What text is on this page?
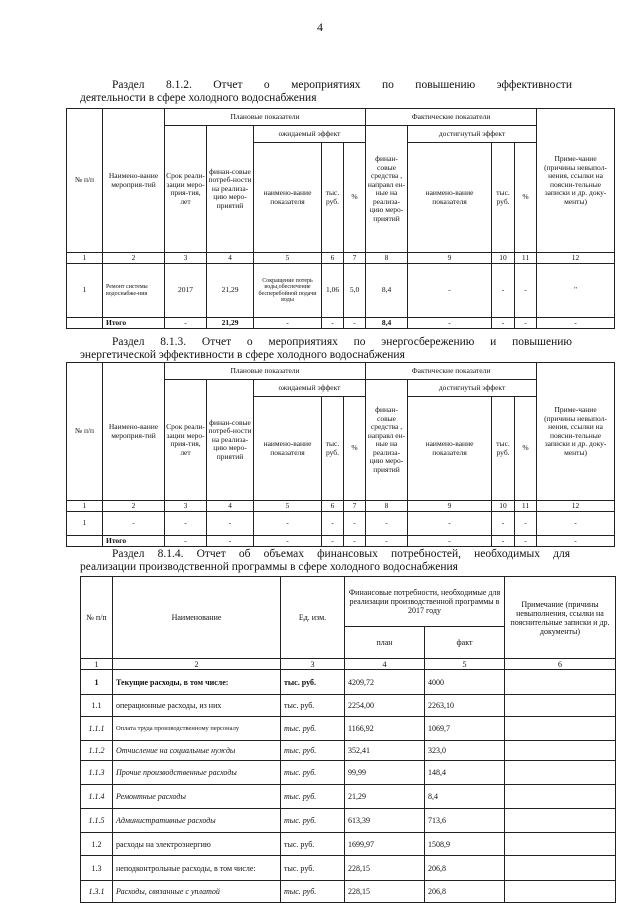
4
Раздел 8.1.2. Отчет о мероприятиях по повышению эффективности
деятельности в сфере холодного водоснабжения
№ п/п	Наимено-вание мероприя-тий	Плановые показатели					Фактические показатели				Приме-чание (причины невыпол-нения, ссылки на поясни-тельные записки и др. доку-менты)
		Срок реали-зации меро-прия-тия, лет	финан-совые потреб-ности на реализа-цию меро-приятий	ожидаемый эффект			финан-совые средства , направл ен-ные на реализа-цию меро-приятий	достигнутый эффект			
				наимено-вание показателя	тыс. руб.	%		наимено-вание показателя	тыс. руб.	%	
1	2	3	4	5	6	7	8	9	10	11	12
1	Ремонт системы водоснабже-ния	2017	21,29	Сокращение потерь воды,обеспечение бесперебойной подачи воды	1,06	5,0	8,4	-	-	-	"
	Итого	-	21,29	-	-	-	8,4	-	-	-	-
Раздел 8.1.3. Отчет о мероприятиях по энергосбережению и повышению
энергетической эффективности в сфере холодного водоснабжения
№ п/п	Наимено-вание мероприя-тий	Плановые показатели					Фактические показатели				Приме-чание (причины невыпол-нения, ссылки на поясни-тельные записки и др. доку-менты)
		Срок реали-зации меро-прия-тия, лет	финан-совые потреб-ности на реализа-цию меро-приятий	ожидаемый эффект			финан-совые средства , направл ен-ные на реализа-цию меро-приятий	достигнутый эффект			
				наимено-вание показателя	тыс. руб.	%		наимено-вание показателя	тыс. руб.	%	
1	2	3	4	5	6	7	8	9	10	11	12
1	-	-	-	-	-	-	-	-	-	-	-
	Итого	-	-	-	-	-	-	-	-	-	-
Раздел 8.1.4. Отчет об объемах финансовых потребностей, необходимых для
реализации производственной программы в сфере холодного водоснабжения
№ п/п	Наименование	Ед. изм.	Финансовые потребности, необходимые для реализации производственной программы в 2017 году		Примечание (причины невыполнения, ссылки на пояснительные записки и др. документы)
			план	факт	
1	2	3	4	5	6
1	Текущие расходы, в том числе:	тыс. руб.	4209,72	4000	
1.1	операционные расходы, из них	тыс. руб.	2254,00	2263,10	
1.1.1	Оплата труда производственному персоналу	тыс. руб.	1166,92	1069,7	
1.1.2	Отчисление на социальные нужды	тыс. руб.	352,41	323,0	
1.1.3	Прочие производственные расходы	тыс. руб.	99,99	148,4	
1.1.4	Ремонтные расходы	тыс. руб.	21,29	8,4	
1.1.5	Административные расходы	тыс. руб.	613,39	713,6	
1.2	расходы на электроэнергию	тыс. руб.	1699,97	1508,9	
1.3	неподконтрольные расходы, в том числе:	тыс. руб.	228,15	206,8	
1.3.1	Расходы, связанные с уплатой	тыс. руб.	228,15	206,8	
